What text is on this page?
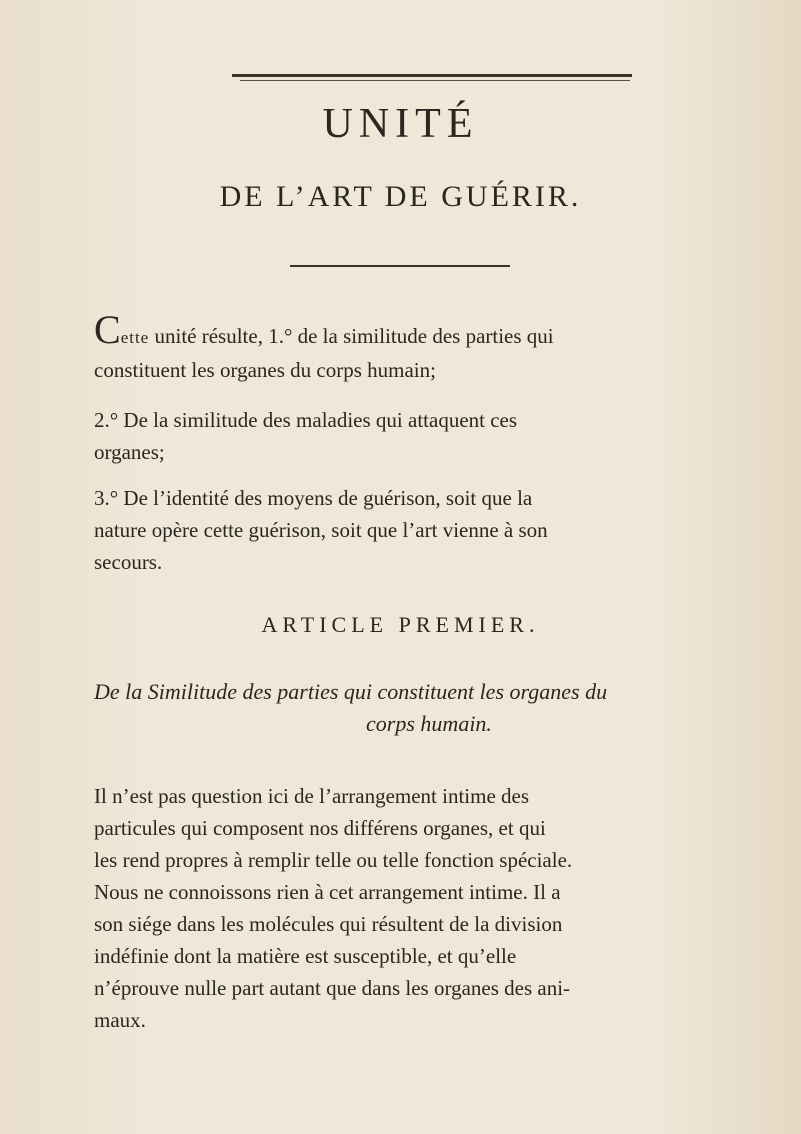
UNITÉ
DE L’ART DE GUÉRIR.
Cette unité résulte, 1.° de la similitude des parties qui
constituent les organes du corps humain;
2.° De la similitude des maladies qui attaquent ces
organes;
3.° De l’identité des moyens de guérison, soit que la
nature opère cette guérison, soit que l’art vienne à son
secours.
ARTICLE PREMIER.
De la Similitude des parties qui constituent les organes du
corps humain.
Il n’est pas question ici de l’arrangement intime des
particules qui composent nos différens organes, et qui
les rend propres à remplir telle ou telle fonction spéciale.
Nous ne connoissons rien à cet arrangement intime. Il a
son siége dans les molécules qui résultent de la division
indéfinie dont la matière est susceptible, et qu’elle
n’éprouve nulle part autant que dans les organes des ani-
maux.
